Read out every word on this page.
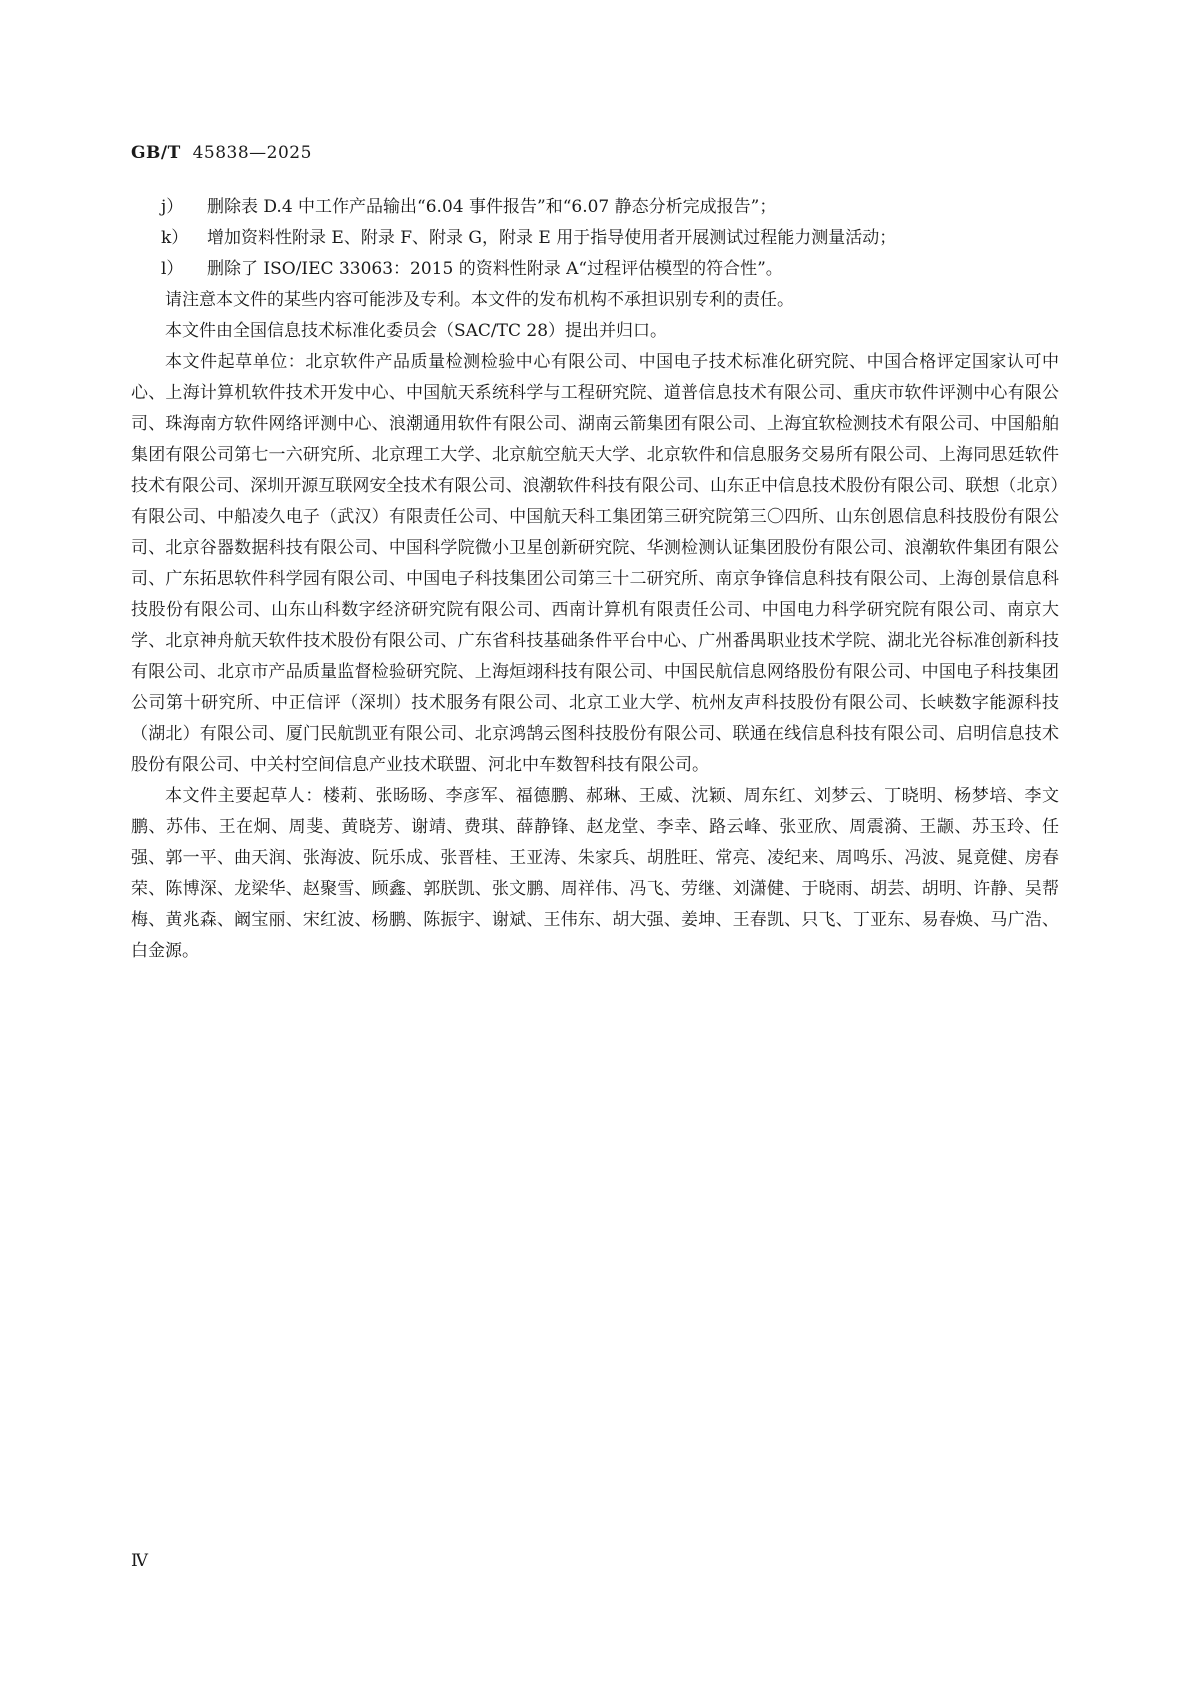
GB/T 45838—2025
j）	删除表 D.4 中工作产品输出“6.04 事件报告”和“6.07 静态分析完成报告”；
k）	增加资料性附录 E、附录 F、附录 G，附录 E 用于指导使用者开展测试过程能力测量活动；
l）	删除了 ISO/IEC 33063：2015 的资料性附录 A“过程评估模型的符合性”。

请注意本文件的某些内容可能涉及专利。本文件的发布机构不承担识别专利的责任。

本文件由全国信息技术标准化委员会（SAC/TC 28）提出并归口。

本文件起草单位：北京软件产品质量检测检验中心有限公司、中国电子技术标准化研究院、中国合格评定国家认可中心、上海计算机软件技术开发中心、中国航天系统科学与工程研究院、道普信息技术有限公司、重庆市软件评测中心有限公司、珠海南方软件网络评测中心、浪潮通用软件有限公司、湖南云箭集团有限公司、上海宜软检测技术有限公司、中国船舶集团有限公司第七一六研究所、北京理工大学、北京航空航天大学、北京软件和信息服务交易所有限公司、上海同思廷软件技术有限公司、深圳开源互联网安全技术有限公司、浪潮软件科技有限公司、山东正中信息技术股份有限公司、联想（北京）有限公司、中船凌久电子（武汉）有限责任公司、中国航天科工集团第三研究院第三〇四所、山东创恩信息科技股份有限公司、北京谷器数据科技有限公司、中国科学院微小卫星创新研究院、华测检测认证集团股份有限公司、浪潮软件集团有限公司、广东拓思软件科学园有限公司、中国电子科技集团公司第三十二研究所、南京争锋信息科技有限公司、上海创景信息科技股份有限公司、山东山科数字经济研究院有限公司、西南计算机有限责任公司、中国电力科学研究院有限公司、南京大学、北京神舟航天软件技术股份有限公司、广东省科技基础条件平台中心、广州番禺职业技术学院、湖北光谷标准创新科技有限公司、北京市产品质量监督检验研究院、上海烜翊科技有限公司、中国民航信息网络股份有限公司、中国电子科技集团公司第十研究所、中正信评（深圳）技术服务有限公司、北京工业大学、杭州友声科技股份有限公司、长峡数字能源科技（湖北）有限公司、厦门民航凯亚有限公司、北京鸿鹄云图科技股份有限公司、联通在线信息科技有限公司、启明信息技术股份有限公司、中关村空间信息产业技术联盟、河北中车数智科技有限公司。

本文件主要起草人：楼莉、张旸旸、李彦军、福德鹏、郝琳、王威、沈颖、周东红、刘梦云、丁晓明、杨梦培、李文鹏、苏伟、王在炯、周斐、黄晓芳、谢靖、费琪、薛静锋、赵龙堂、李幸、路云峰、张亚欣、周震漪、王颛、苏玉玲、任强、郭一平、曲天润、张海波、阮乐成、张晋桂、王亚涛、朱家兵、胡胜旺、常亮、凌纪来、周鸣乐、冯波、晁竟健、房春荣、陈博深、龙梁华、赵聚雪、顾鑫、郭朕凯、张文鹏、周祥伟、冯飞、劳继、刘潇健、于晓雨、胡芸、胡明、许静、吴帮梅、黄兆森、阚宝丽、宋红波、杨鹏、陈振宇、谢斌、王伟东、胡大强、姜坤、王春凯、只飞、丁亚东、易春焕、马广浩、白金源。

Ⅳ
